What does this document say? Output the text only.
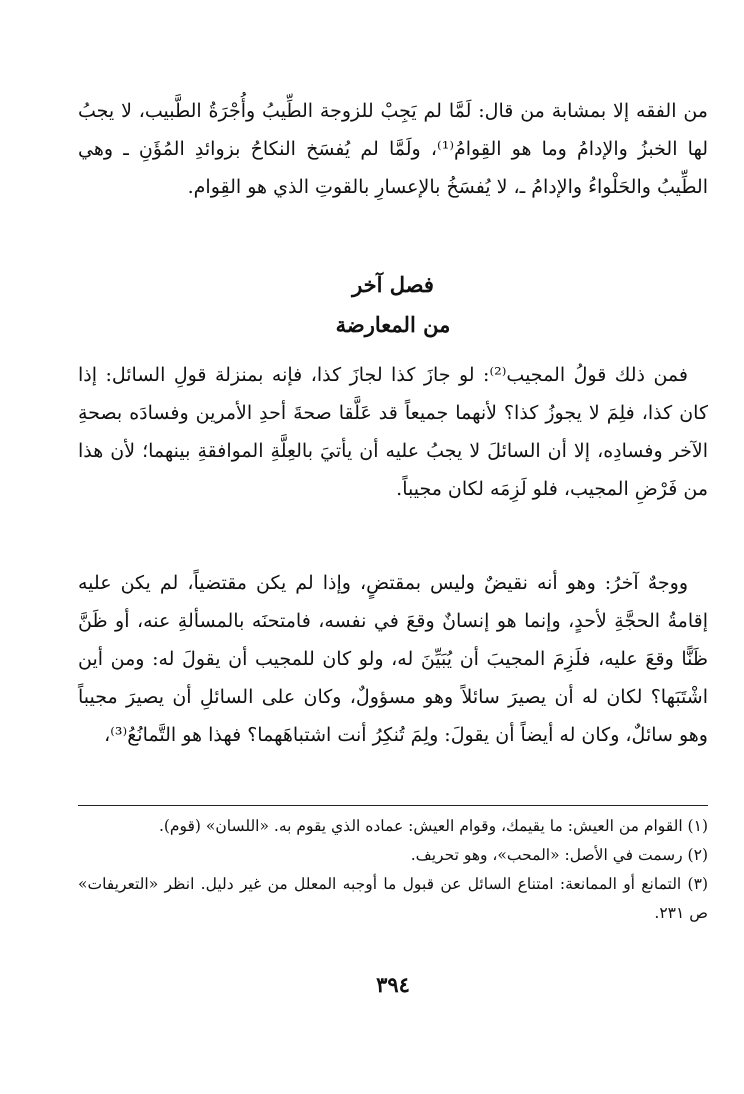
من الفقه إلا بمشابة من قال: لَمَّا لم يَجِبْ للزوجة الطِّيبُ وأُجْرَةُ الطَّبيب، لا يجبُ لها الخبزُ والإدامُ وما هو القِوامُ⁽¹⁾، ولَمَّا لم يُفسَخ النكاحُ بزوائدِ المُؤَنِ ـ وهي الطِّيبُ والحَلْواءُ والإدامُ ـ، لا يُفسَخُ بالإعسارِ بالقوتِ الذي هو القِوام.

فصل آخر
من المعارضة

فمن ذلك قولُ المجيب⁽²⁾: لو جازَ كذا لجازَ كذا، فإنه بمنزلة قولِ السائل: إذا كان كذا، فلِمَ لا يجوزُ كذا؟ لأنهما جميعاً قد عَلَّقا صحةَ أحدِ الأمرين وفسادَه بصحةِ الآخر وفسادِه، إلا أن السائلَ لا يجبُ عليه أن يأتيَ بالعِلَّةِ الموافقةِ بينهما؛ لأن هذا من فَرْضِ المجيب، فلو لَزِمَه لكان مجيباً.

ووجهٌ آخرُ: وهو أنه نقيضٌ وليس بمقتضٍ، وإذا لم يكن مقتضياً، لم يكن عليه إقامةُ الحجَّةِ لأحدٍ، وإنما هو إنسانٌ وقعَ في نفسه، فامتحنَه بالمسألةِ عنه، أو ظَنَّ ظَنًّا وقعَ عليه، فلَزِمَ المجيبَ أن يُبَيِّنَ له، ولو كان للمجيب أن يقولَ له: ومن أين اشْتَبَها؟ لكان له أن يصيرَ سائلاً وهو مسؤولٌ، وكان على السائلِ أن يصيرَ مجيباً وهو سائلٌ، وكان له أيضاً أن يقولَ: ولِمَ تُنكِرُ أنت اشتباهَهما؟ فهذا هو التَّمانُعُ⁽³⁾،

(١) القوام من العيش: ما يقيمك، وقوام العيش: عماده الذي يقوم به. «اللسان» (قوم).

(٢) رسمت في الأصل: «المحب»، وهو تحريف.

(٣) التمانع أو الممانعة: امتناع السائل عن قبول ما أوجبه المعلل من غير دليل. انظر «التعريفات» ص ٢٣١.

٣٩٤
